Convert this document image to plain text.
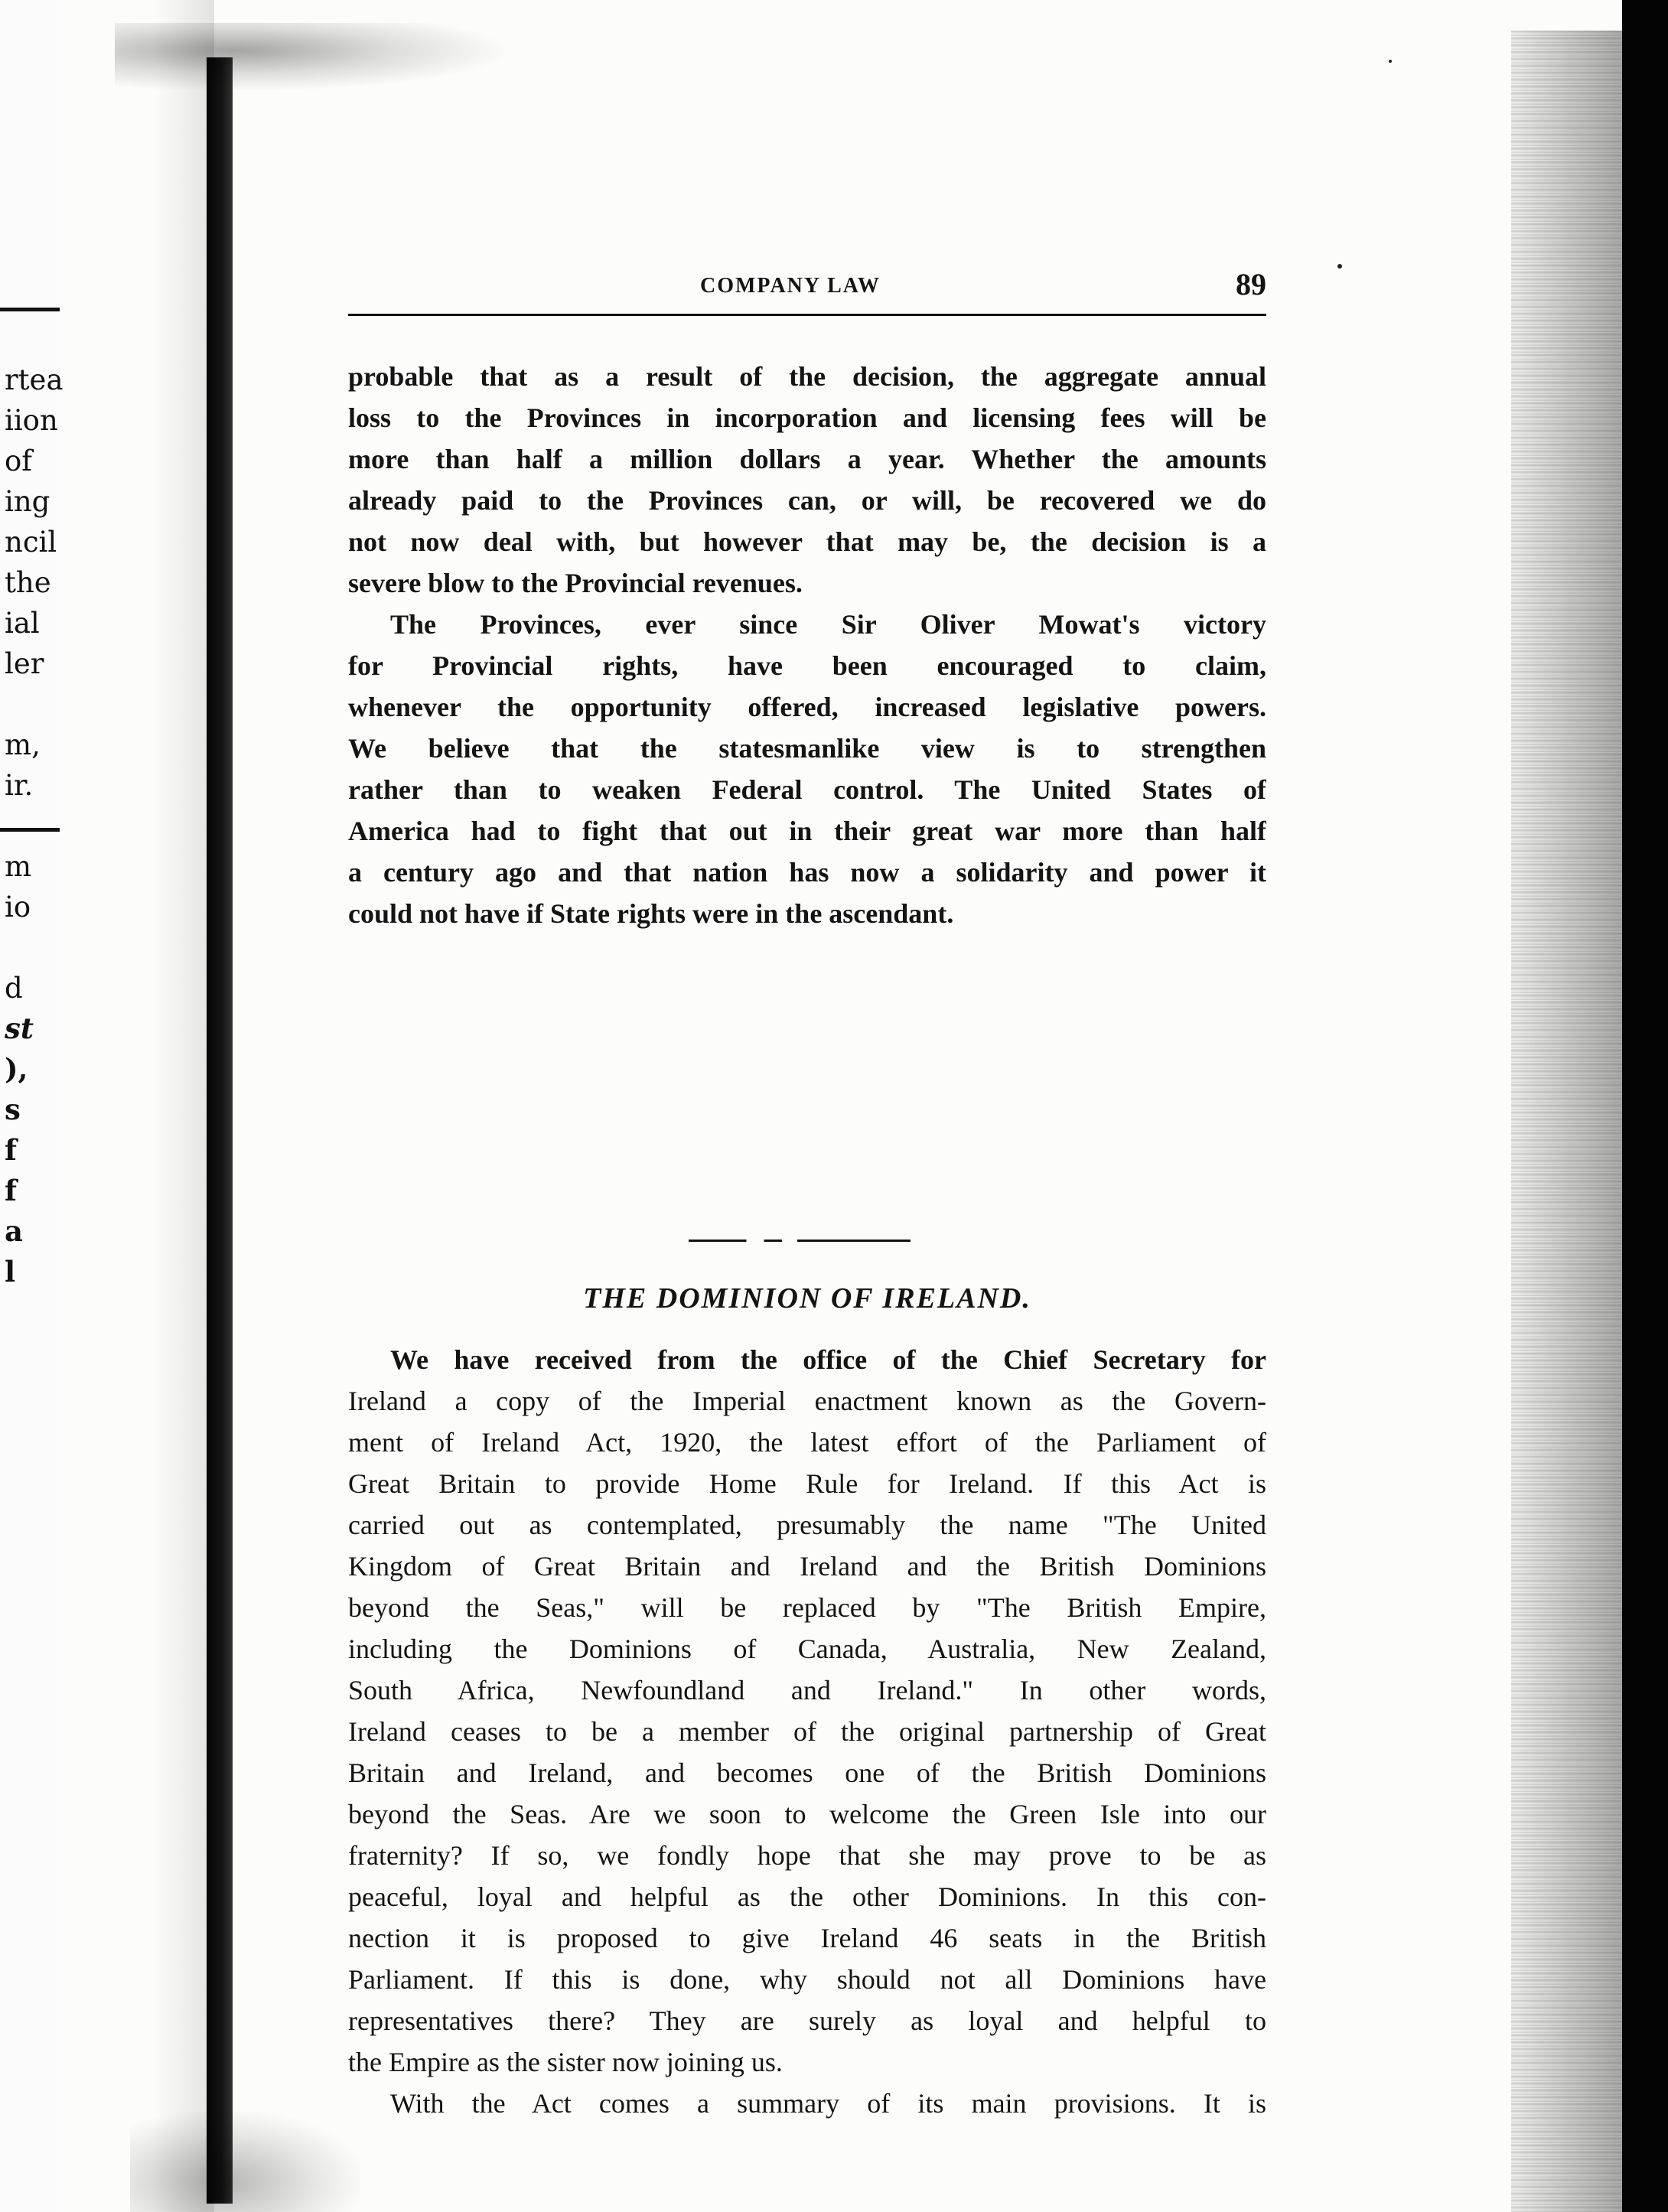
rtea
iion
of
ing
ncil
the
ial
ler
m,
ir.
m
io
d
st
),
s
f
f
a
l
COMPANY LAW	89
probable that as a result of the decision, the aggregate annual
loss to the Provinces in incorporation and licensing fees will be
more than half a million dollars a year. Whether the amounts
already paid to the Provinces can, or will, be recovered we do
not now deal with, but however that may be, the decision is a
severe blow to the Provincial revenues.
The Provinces, ever since Sir Oliver Mowat's victory
for Provincial rights, have been encouraged to claim,
whenever the opportunity offered, increased legislative powers.
We believe that the statesmanlike view is to strengthen
rather than to weaken Federal control. The United States of
America had to fight that out in their great war more than half
a century ago and that nation has now a solidarity and power it
could not have if State rights were in the ascendant.
THE DOMINION OF IRELAND.
We have received from the office of the Chief Secretary for
Ireland a copy of the Imperial enactment known as the Govern-
ment of Ireland Act, 1920, the latest effort of the Parliament of
Great Britain to provide Home Rule for Ireland. If this Act is
carried out as contemplated, presumably the name "The United
Kingdom of Great Britain and Ireland and the British Dominions
beyond the Seas," will be replaced by "The British Empire,
including the Dominions of Canada, Australia, New Zealand,
South Africa, Newfoundland and Ireland." In other words,
Ireland ceases to be a member of the original partnership of Great
Britain and Ireland, and becomes one of the British Dominions
beyond the Seas. Are we soon to welcome the Green Isle into our
fraternity? If so, we fondly hope that she may prove to be as
peaceful, loyal and helpful as the other Dominions. In this con-
nection it is proposed to give Ireland 46 seats in the British
Parliament. If this is done, why should not all Dominions have
representatives there? They are surely as loyal and helpful to
the Empire as the sister now joining us.
With the Act comes a summary of its main provisions. It is
